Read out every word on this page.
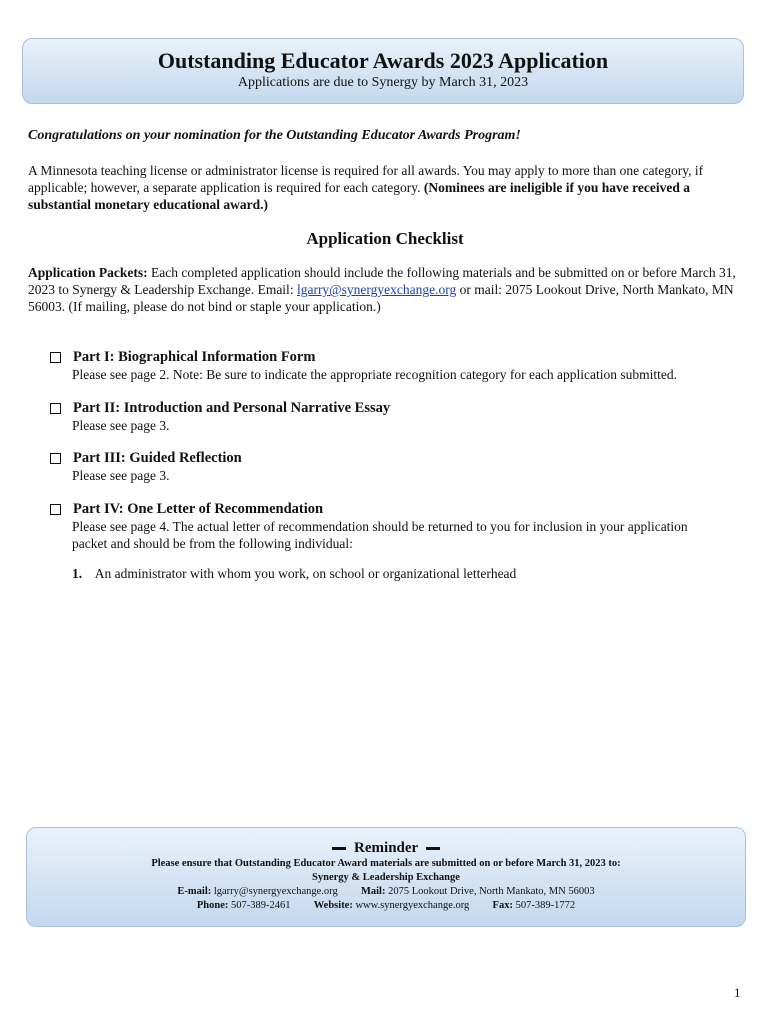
Outstanding Educator Awards 2023 Application
Applications are due to Synergy by March 31, 2023
Congratulations on your nomination for the Outstanding Educator Awards Program!
A Minnesota teaching license or administrator license is required for all awards. You may apply to more than one category, if applicable; however, a separate application is required for each category. (Nominees are ineligible if you have received a substantial monetary educational award.)
Application Checklist
Application Packets: Each completed application should include the following materials and be submitted on or before March 31, 2023 to Synergy & Leadership Exchange. Email: lgarry@synergyexchange.org or mail: 2075 Lookout Drive, North Mankato, MN 56003. (If mailing, please do not bind or staple your application.)
Part I: Biographical Information Form
Please see page 2. Note: Be sure to indicate the appropriate recognition category for each application submitted.
Part II: Introduction and Personal Narrative Essay
Please see page 3.
Part III: Guided Reflection
Please see page 3.
Part IV: One Letter of Recommendation
Please see page 4. The actual letter of recommendation should be returned to you for inclusion in your application packet and should be from the following individual:
1. An administrator with whom you work, on school or organizational letterhead
Reminder
Please ensure that Outstanding Educator Award materials are submitted on or before March 31, 2023 to:
Synergy & Leadership Exchange
E-mail: lgarry@synergyexchange.org Mail: 2075 Lookout Drive, North Mankato, MN 56003
Phone: 507-389-2461 Website: www.synergyexchange.org Fax: 507-389-1772
1
